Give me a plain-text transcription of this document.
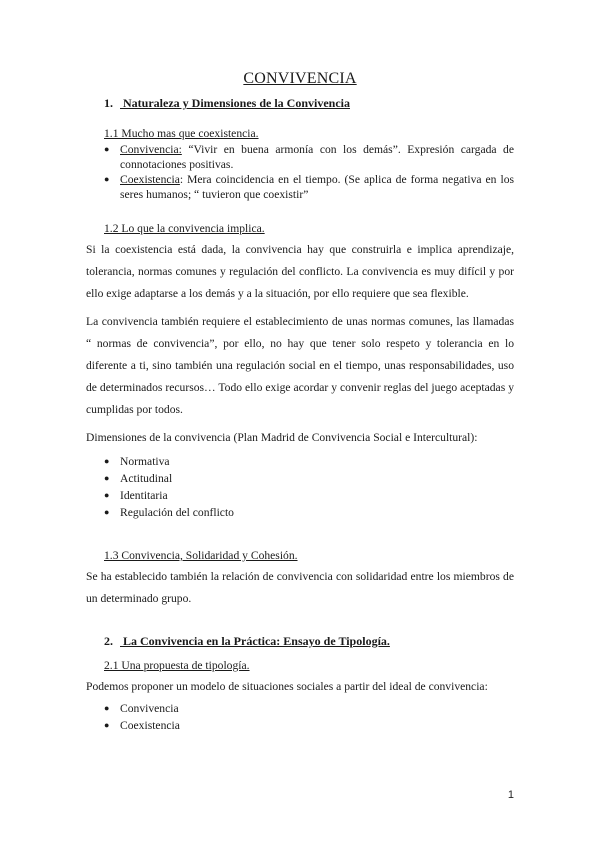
CONVIVENCIA
1. Naturaleza y Dimensiones de la Convivencia
1.1 Mucho mas que coexistencia.
● Convivencia: “Vivir en buena armonía con los demás”. Expresión cargada de connotaciones positivas.
● Coexistencia: Mera coincidencia en el tiempo. (Se aplica de forma negativa en los seres humanos; “ tuvieron que coexistir”
1.2 Lo que la convivencia implica.

Si la coexistencia está dada, la convivencia hay que construirla e implica aprendizaje, tolerancia, normas comunes y regulación del conflicto. La convivencia es muy difícil y por ello exige adaptarse a los demás y a la situación, por ello requiere que sea flexible.

La convivencia también requiere el establecimiento de unas normas comunes, las llamadas “ normas de convivencia”, por ello, no hay que tener solo respeto y tolerancia en lo diferente a ti, sino también una regulación social en el tiempo, unas responsabilidades, uso de determinados recursos… Todo ello exige acordar y convenir reglas del juego aceptadas y cumplidas por todos.

Dimensiones de la convivencia (Plan Madrid de Convivencia Social e Intercultural):

● Normativa
● Actitudinal
● Identitaria
● Regulación del conflicto
1.3 Convivencia, Solidaridad y Cohesión.

Se ha establecido también la relación de convivencia con solidaridad entre los miembros de un determinado grupo.

2. La Convivencia en la Práctica: Ensayo de Tipología.
2.1 Una propuesta de tipología.

Podemos proponer un modelo de situaciones sociales a partir del ideal de convivencia:

● Convivencia
● Coexistencia
1
